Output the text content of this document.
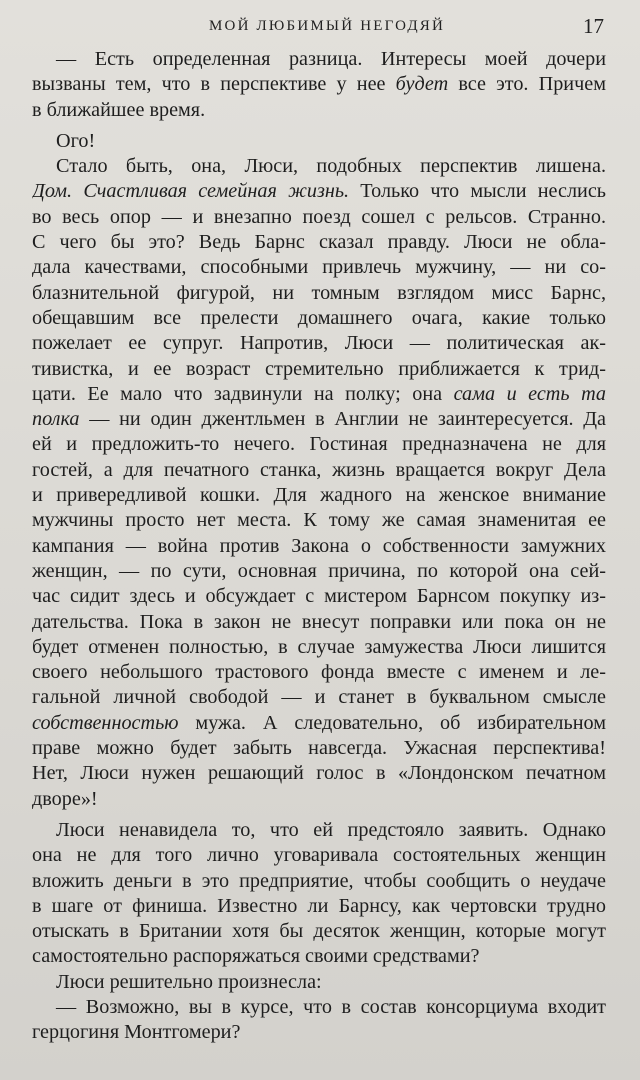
МОЙ ЛЮБИМЫЙ НЕГОДЯЙ	17
— Есть определенная разница. Интересы моей дочери
вызваны тем, что в перспективе у нее будет все это. Причем
в ближайшее время.
Ого!
Стало быть, она, Люси, подобных перспектив лишена.
Дом. Счастливая семейная жизнь. Только что мысли неслись
во весь опор — и внезапно поезд сошел с рельсов. Странно.
С чего бы это? Ведь Барнс сказал правду. Люси не обла-
дала качествами, способными привлечь мужчину, — ни со-
блазнительной фигурой, ни томным взглядом мисс Барнс,
обещавшим все прелести домашнего очага, какие только
пожелает ее супруг. Напротив, Люси — политическая ак-
тивистка, и ее возраст стремительно приближается к трид-
цати. Ее мало что задвинули на полку; она сама и есть та
полка — ни один джентльмен в Англии не заинтересуется. Да
ей и предложить-то нечего. Гостиная предназначена не для
гостей, а для печатного станка, жизнь вращается вокруг Дела
и привередливой кошки. Для жадного на женское внимание
мужчины просто нет места. К тому же самая знаменитая ее
кампания — война против Закона о собственности замужних
женщин, — по сути, основная причина, по которой она сей-
час сидит здесь и обсуждает с мистером Барнсом покупку из-
дательства. Пока в закон не внесут поправки или пока он не
будет отменен полностью, в случае замужества Люси лишится
своего небольшого трастового фонда вместе с именем и ле-
гальной личной свободой — и станет в буквальном смысле
собственностью мужа. А следовательно, об избирательном
праве можно будет забыть навсегда. Ужасная перспектива!
Нет, Люси нужен решающий голос в «Лондонском печатном
дворе»!
Люси ненавидела то, что ей предстояло заявить. Однако
она не для того лично уговаривала состоятельных женщин
вложить деньги в это предприятие, чтобы сообщить о неудаче
в шаге от финиша. Известно ли Барнсу, как чертовски трудно
отыскать в Британии хотя бы десяток женщин, которые могут
самостоятельно распоряжаться своими средствами?
Люси решительно произнесла:
— Возможно, вы в курсе, что в состав консорциума входит
герцогиня Монтгомери?
